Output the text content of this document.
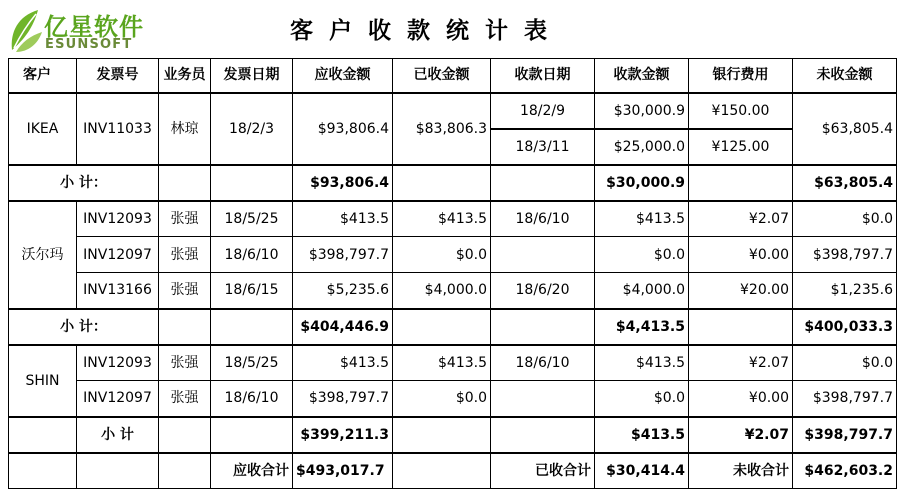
亿星软件
ESUNSOFT
客户收款统计表
客户	发票号	业务员	发票日期	应收金额	已收金额	收款日期	收款金额	银行费用	未收金额
IKEA	INV11033	林琼	18/2/3	$93,806.4	$83,806.3	18/2/9	$30,000.9	¥150.00	$63,805.4
						18/3/11	$25,000.0	¥125.00	
小 计：				$93,806.4			$30,000.9		$63,805.4
沃尔玛	INV12093	张强	18/5/25	$413.5	$413.5	18/6/10	$413.5	¥2.07	$0.0
	INV12097	张强	18/6/10	$398,797.7	$0.0		$0.0	¥0.00	$398,797.7
	INV13166	张强	18/6/15	$5,235.6	$4,000.0	18/6/20	$4,000.0	¥20.00	$1,235.6
小 计：				$404,446.9			$4,413.5		$400,033.3
SHIN	INV12093	张强	18/5/25	$413.5	$413.5	18/6/10	$413.5	¥2.07	$0.0
	INV12097	张强	18/6/10	$398,797.7	$0.0		$0.0	¥0.00	$398,797.7
	小 计			$399,211.3			$413.5	¥2.07	$398,797.7
			应收合计	$493,017.7		已收合计	$30,414.4	未收合计	$462,603.2
